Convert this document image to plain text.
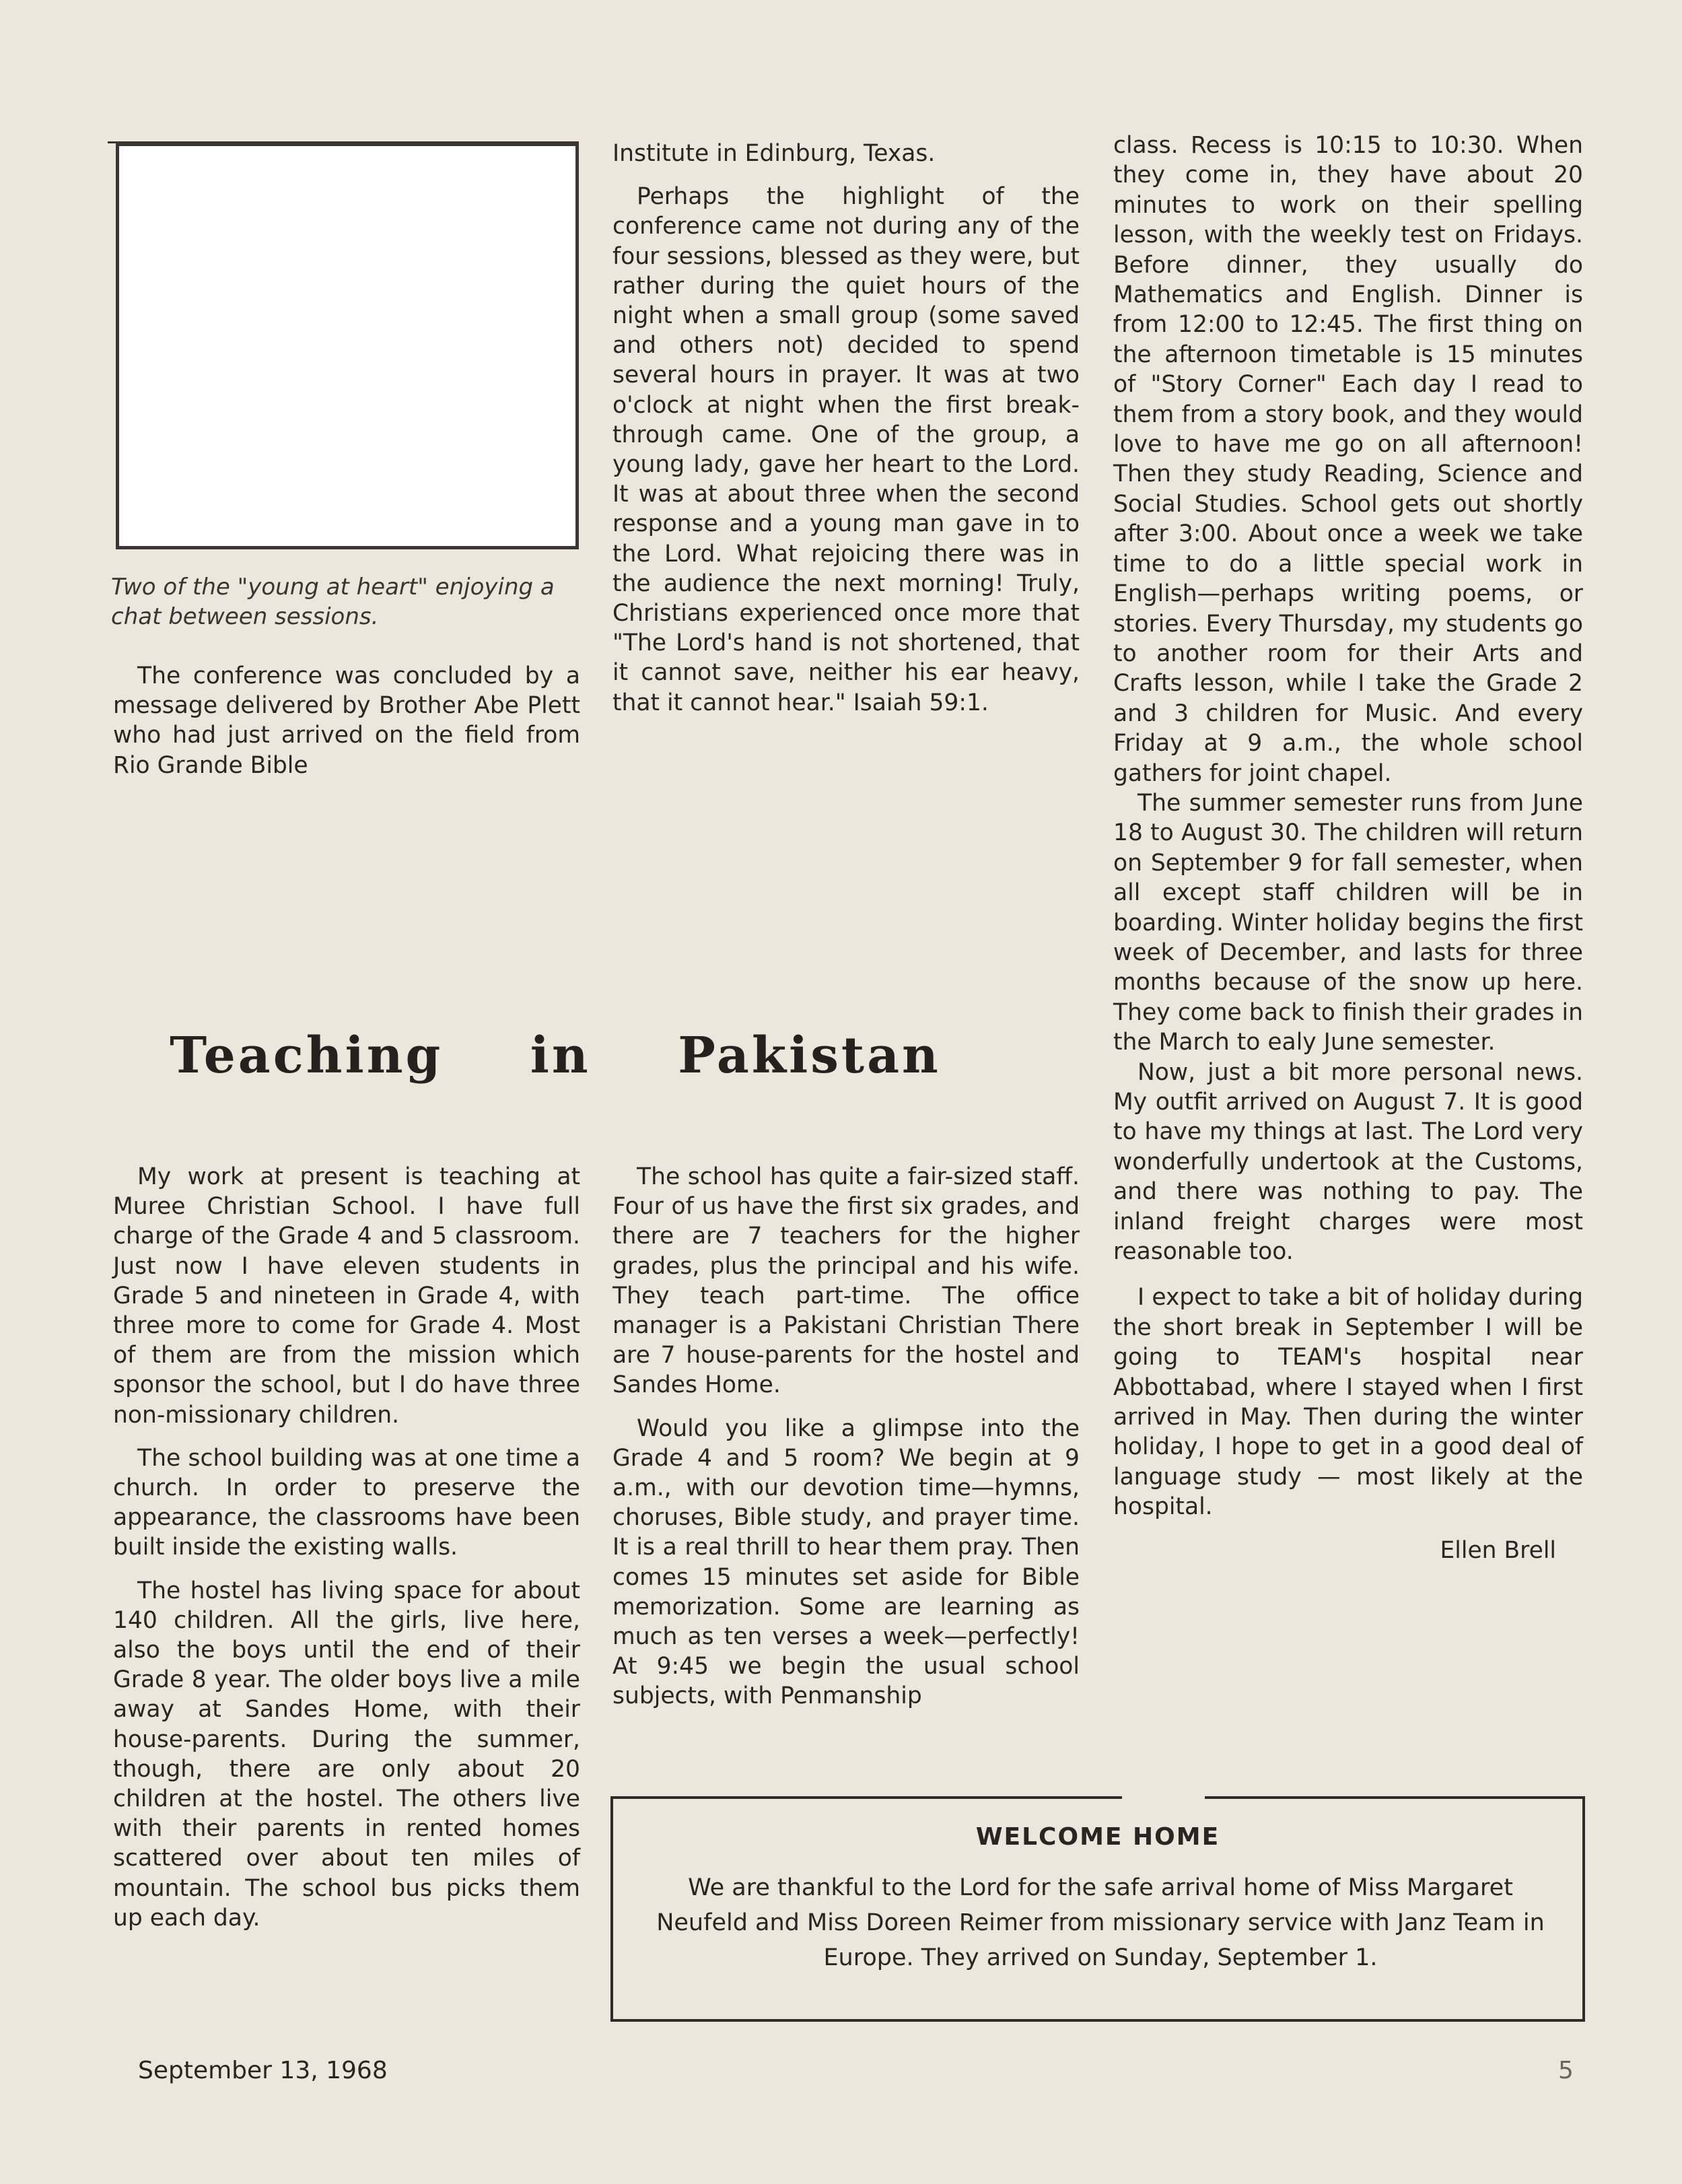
Two of the "young at heart" enjoying a chat between sessions.

The conference was concluded by a message delivered by Brother Abe Plett who had just arrived on the field from Rio Grande Bible

Institute in Edinburg, Texas.

Perhaps the highlight of the conference came not during any of the four sessions, blessed as they were, but rather during the quiet hours of the night when a small group (some saved and others not) decided to spend several hours in prayer. It was at two o'clock at night when the first break-through came. One of the group, a young lady, gave her heart to the Lord. It was at about three when the second response and a young man gave in to the Lord. What rejoicing there was in the audience the next morning! Truly, Christians experienced once more that "The Lord's hand is not shortened, that it cannot save, neither his ear heavy, that it cannot hear." Isaiah 59:1.

Teaching in Pakistan

My work at present is teaching at Muree Christian School. I have full charge of the Grade 4 and 5 classroom. Just now I have eleven students in Grade 5 and nineteen in Grade 4, with three more to come for Grade 4. Most of them are from the mission which sponsor the school, but I do have three non-missionary children.

The school building was at one time a church. In order to preserve the appearance, the classrooms have been built inside the existing walls.

The hostel has living space for about 140 children. All the girls, live here, also the boys until the end of their Grade 8 year. The older boys live a mile away at Sandes Home, with their house-parents. During the summer, though, there are only about 20 children at the hostel. The others live with their parents in rented homes scattered over about ten miles of mountain. The school bus picks them up each day.

The school has quite a fair-sized staff. Four of us have the first six grades, and there are 7 teachers for the higher grades, plus the principal and his wife. They teach part-time. The office manager is a Pakistani Christian There are 7 house-parents for the hostel and Sandes Home.

Would you like a glimpse into the Grade 4 and 5 room? We begin at 9 a.m., with our devotion time—hymns, choruses, Bible study, and prayer time. It is a real thrill to hear them pray. Then comes 15 minutes set aside for Bible memorization. Some are learning as much as ten verses a week—perfectly! At 9:45 we begin the usual school subjects, with Penmanship

class. Recess is 10:15 to 10:30. When they come in, they have about 20 minutes to work on their spelling lesson, with the weekly test on Fridays. Before dinner, they usually do Mathematics and English. Dinner is from 12:00 to 12:45. The first thing on the afternoon timetable is 15 minutes of "Story Corner" Each day I read to them from a story book, and they would love to have me go on all afternoon! Then they study Reading, Science and Social Studies. School gets out shortly after 3:00. About once a week we take time to do a little special work in English—perhaps writing poems, or stories. Every Thursday, my students go to another room for their Arts and Crafts lesson, while I take the Grade 2 and 3 children for Music. And every Friday at 9 a.m., the whole school gathers for joint chapel.

The summer semester runs from June 18 to August 30. The children will return on September 9 for fall semester, when all except staff children will be in boarding. Winter holiday begins the first week of December, and lasts for three months because of the snow up here. They come back to finish their grades in the March to ealy June semester.

Now, just a bit more personal news. My outfit arrived on August 7. It is good to have my things at last. The Lord very wonderfully undertook at the Customs, and there was nothing to pay. The inland freight charges were most reasonable too.

I expect to take a bit of holiday during the short break in September I will be going to TEAM's hospital near Abbottabad, where I stayed when I first arrived in May. Then during the winter holiday, I hope to get in a good deal of language study — most likely at the hospital.

Ellen Brell

WELCOME HOME
We are thankful to the Lord for the safe arrival home of Miss Margaret Neufeld and Miss Doreen Reimer from missionary service with Janz Team in Europe. They arrived on Sunday, September 1.
September 13, 1968	5
